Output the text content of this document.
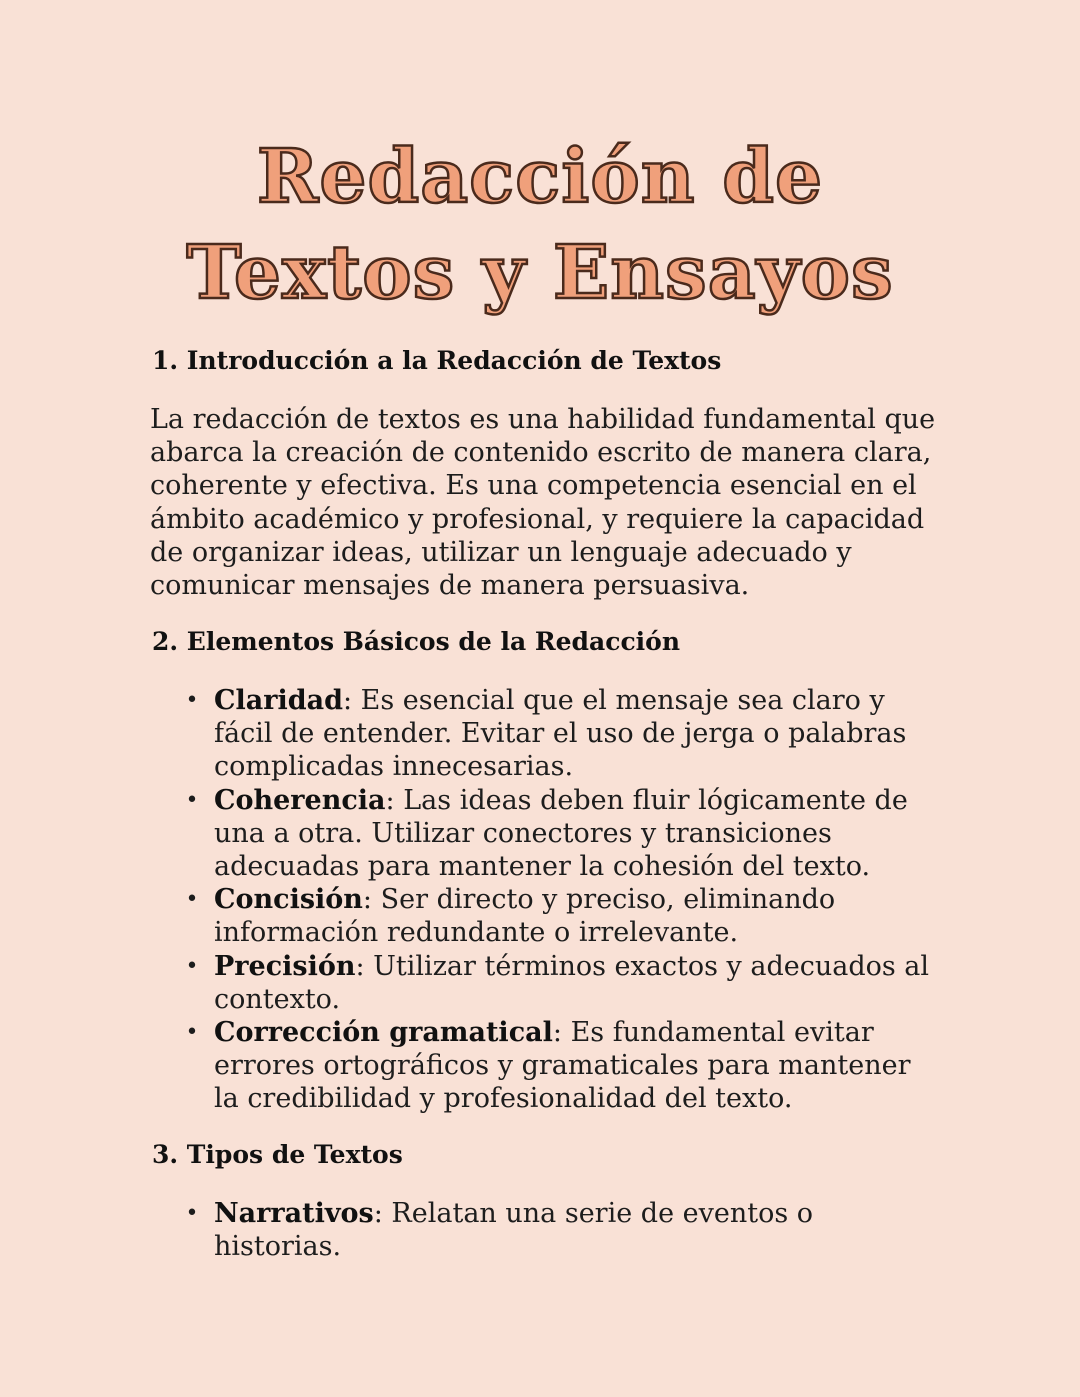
Redacción de
Textos y Ensayos
1. Introducción a la Redacción de Textos

La redacción de textos es una habilidad fundamental que abarca la creación de contenido escrito de manera clara, coherente y efectiva. Es una competencia esencial en el ámbito académico y profesional, y requiere la capacidad de organizar ideas, utilizar un lenguaje adecuado y comunicar mensajes de manera persuasiva.

2. Elementos Básicos de la Redacción
• Claridad: Es esencial que el mensaje sea claro y fácil de entender. Evitar el uso de jerga o palabras complicadas innecesarias.
• Coherencia: Las ideas deben fluir lógicamente de una a otra. Utilizar conectores y transiciones adecuadas para mantener la cohesión del texto.
• Concisión: Ser directo y preciso, eliminando información redundante o irrelevante.
• Precisión: Utilizar términos exactos y adecuados al contexto.
• Corrección gramatical: Es fundamental evitar errores ortográficos y gramaticales para mantener la credibilidad y profesionalidad del texto.
3. Tipos de Textos
• Narrativos: Relatan una serie de eventos o historias.
